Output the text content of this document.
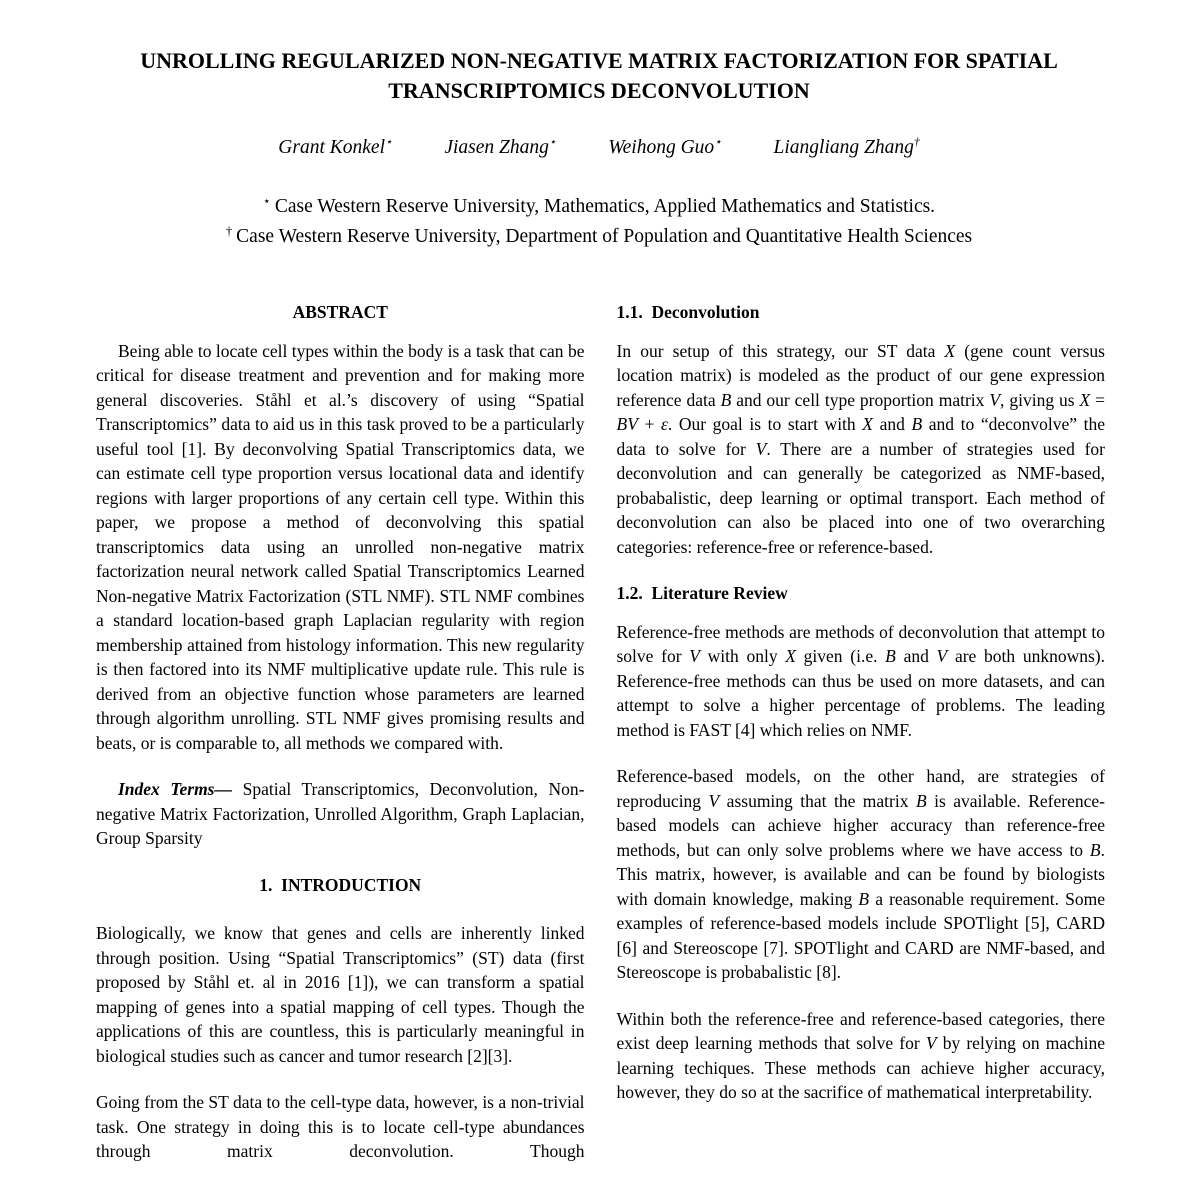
UNROLLING REGULARIZED NON-NEGATIVE MATRIX FACTORIZATION FOR SPATIAL TRANSCRIPTOMICS DECONVOLUTION
Grant Konkel⋆	Jiasen Zhang⋆	Weihong Guo⋆	Liangliang Zhang†
⋆ Case Western Reserve University, Mathematics, Applied Mathematics and Statistics.
† Case Western Reserve University, Department of Population and Quantitative Health Sciences
ABSTRACT

Being able to locate cell types within the body is a task that can be critical for disease treatment and prevention and for making more general discoveries. Ståhl et al.’s discovery of using “Spatial Transcriptomics” data to aid us in this task proved to be a particularly useful tool [1]. By deconvolving Spatial Transcriptomics data, we can estimate cell type proportion versus locational data and identify regions with larger proportions of any certain cell type. Within this paper, we propose a method of deconvolving this spatial transcriptomics data using an unrolled non-negative matrix factorization neural network called Spatial Transcriptomics Learned Non-negative Matrix Factorization (STL NMF). STL NMF combines a standard location-based graph Laplacian regularity with region membership attained from histology information. This new regularity is then factored into its NMF multiplicative update rule. This rule is derived from an objective function whose parameters are learned through algorithm unrolling. STL NMF gives promising results and beats, or is comparable to, all methods we compared with.

Index Terms— Spatial Transcriptomics, Deconvolution, Non-negative Matrix Factorization, Unrolled Algorithm, Graph Laplacian, Group Sparsity

1. INTRODUCTION

Biologically, we know that genes and cells are inherently linked through position. Using “Spatial Transcriptomics” (ST) data (first proposed by Ståhl et. al in 2016 [1]), we can transform a spatial mapping of genes into a spatial mapping of cell types. Though the applications of this are countless, this is particularly meaningful in biological studies such as cancer and tumor research [2][3].

Going from the ST data to the cell-type data, however, is a non-trivial task. One strategy in doing this is to locate cell-type abundances through matrix deconvolution. Though

1.1. Deconvolution

In our setup of this strategy, our ST data X (gene count versus location matrix) is modeled as the product of our gene expression reference data B and our cell type proportion matrix V, giving us X = BV + ε. Our goal is to start with X and B and to “deconvolve” the data to solve for V. There are a number of strategies used for deconvolution and can generally be categorized as NMF-based, probabalistic, deep learning or optimal transport. Each method of deconvolution can also be placed into one of two overarching categories: reference-free or reference-based.

1.2. Literature Review

Reference-free methods are methods of deconvolution that attempt to solve for V with only X given (i.e. B and V are both unknowns). Reference-free methods can thus be used on more datasets, and can attempt to solve a higher percentage of problems. The leading method is FAST [4] which relies on NMF.

Reference-based models, on the other hand, are strategies of reproducing V assuming that the matrix B is available. Reference-based models can achieve higher accuracy than reference-free methods, but can only solve problems where we have access to B. This matrix, however, is available and can be found by biologists with domain knowledge, making B a reasonable requirement. Some examples of reference-based models include SPOTlight [5], CARD [6] and Stereoscope [7]. SPOTlight and CARD are NMF-based, and Stereoscope is probabalistic [8].

Within both the reference-free and reference-based categories, there exist deep learning methods that solve for V by relying on machine learning techiques. These methods can achieve higher accuracy, however, they do so at the sacrifice of mathematical interpretability.
